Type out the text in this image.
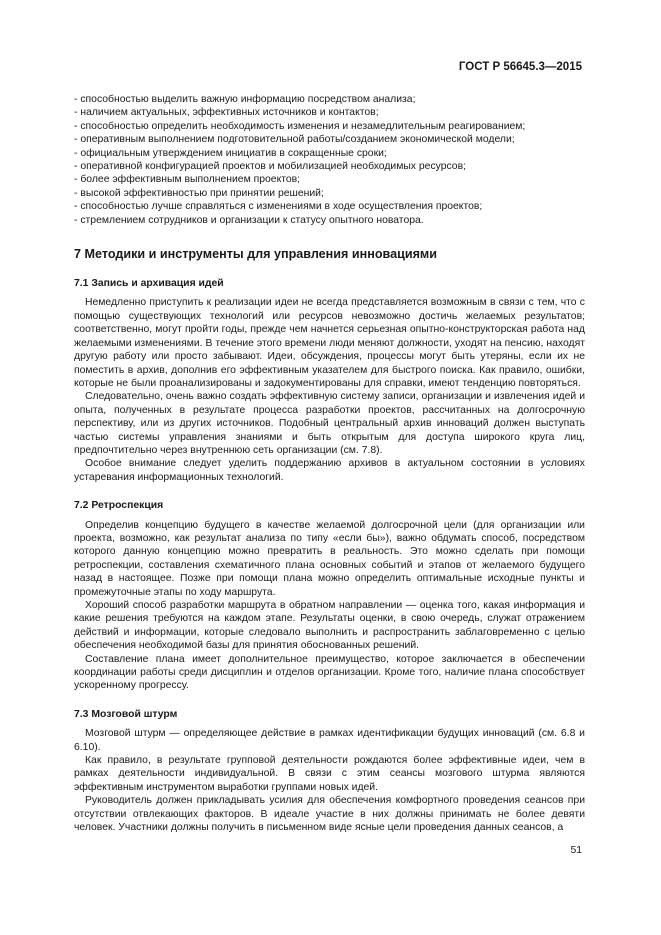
ГОСТ Р 56645.3—2015
- способностью выделить важную информацию посредством анализа;
- наличием актуальных, эффективных источников и контактов;
- способностью определить необходимость изменения и незамедлительным реагированием;
- оперативным выполнением подготовительной работы/созданием экономической модели;
- официальным утверждением инициатив в сокращенные сроки;
- оперативной конфигурацией проектов и мобилизацией необходимых ресурсов;
- более эффективным выполнением проектов;
- высокой эффективностью при принятии решений;
- способностью лучше справляться с изменениями в ходе осуществления проектов;
- стремлением сотрудников и организации к статусу опытного новатора.
7 Методики и инструменты для управления инновациями
7.1 Запись и архивация идей

Немедленно приступить к реализации идеи не всегда представляется возможным в связи с тем, что с помощью существующих технологий или ресурсов невозможно достичь желаемых результатов; соответственно, могут пройти годы, прежде чем начнется серьезная опытно-конструкторская работа над желаемыми изменениями. В течение этого времени люди меняют должности, уходят на пенсию, находят другую работу или просто забывают. Идеи, обсуждения, процессы могут быть утеряны, если их не поместить в архив, дополнив его эффективным указателем для быстрого поиска. Как правило, ошибки, которые не были проанализированы и задокументированы для справки, имеют тенденцию повторяться.

Следовательно, очень важно создать эффективную систему записи, организации и извлечения идей и опыта, полученных в результате процесса разработки проектов, рассчитанных на долгосрочную перспективу, или из других источников. Подобный центральный архив инноваций должен выступать частью системы управления знаниями и быть открытым для доступа широкого круга лиц, предпочтительно через внутреннюю сеть организации (см. 7.8).

Особое внимание следует уделить поддержанию архивов в актуальном состоянии в условиях устаревания информационных технологий.

7.2 Ретроспекция

Определив концепцию будущего в качестве желаемой долгосрочной цели (для организации или проекта, возможно, как результат анализа по типу «если бы»), важно обдумать способ, посредством которого данную концепцию можно превратить в реальность. Это можно сделать при помощи ретроспекции, составления схематичного плана основных событий и этапов от желаемого будущего назад в настоящее. Позже при помощи плана можно определить оптимальные исходные пункты и промежуточные этапы по ходу маршрута.

Хороший способ разработки маршрута в обратном направлении — оценка того, какая информация и какие решения требуются на каждом этапе. Результаты оценки, в свою очередь, служат отражением действий и информации, которые следовало выполнить и распространить заблаговременно с целью обеспечения необходимой базы для принятия обоснованных решений.

Составление плана имеет дополнительное преимущество, которое заключается в обеспечении координации работы среди дисциплин и отделов организации. Кроме того, наличие плана способствует ускоренному прогрессу.

7.3 Мозговой штурм

Мозговой штурм — определяющее действие в рамках идентификации будущих инноваций (см. 6.8 и 6.10).

Как правило, в результате групповой деятельности рождаются более эффективные идеи, чем в рамках деятельности индивидуальной. В связи с этим сеансы мозгового штурма являются эффективным инструментом выработки группами новых идей.

Руководитель должен прикладывать усилия для обеспечения комфортного проведения сеансов при отсутствии отвлекающих факторов. В идеале участие в них должны принимать не более девяти человек. Участники должны получить в письменном виде ясные цели проведения данных сеансов, а

51
